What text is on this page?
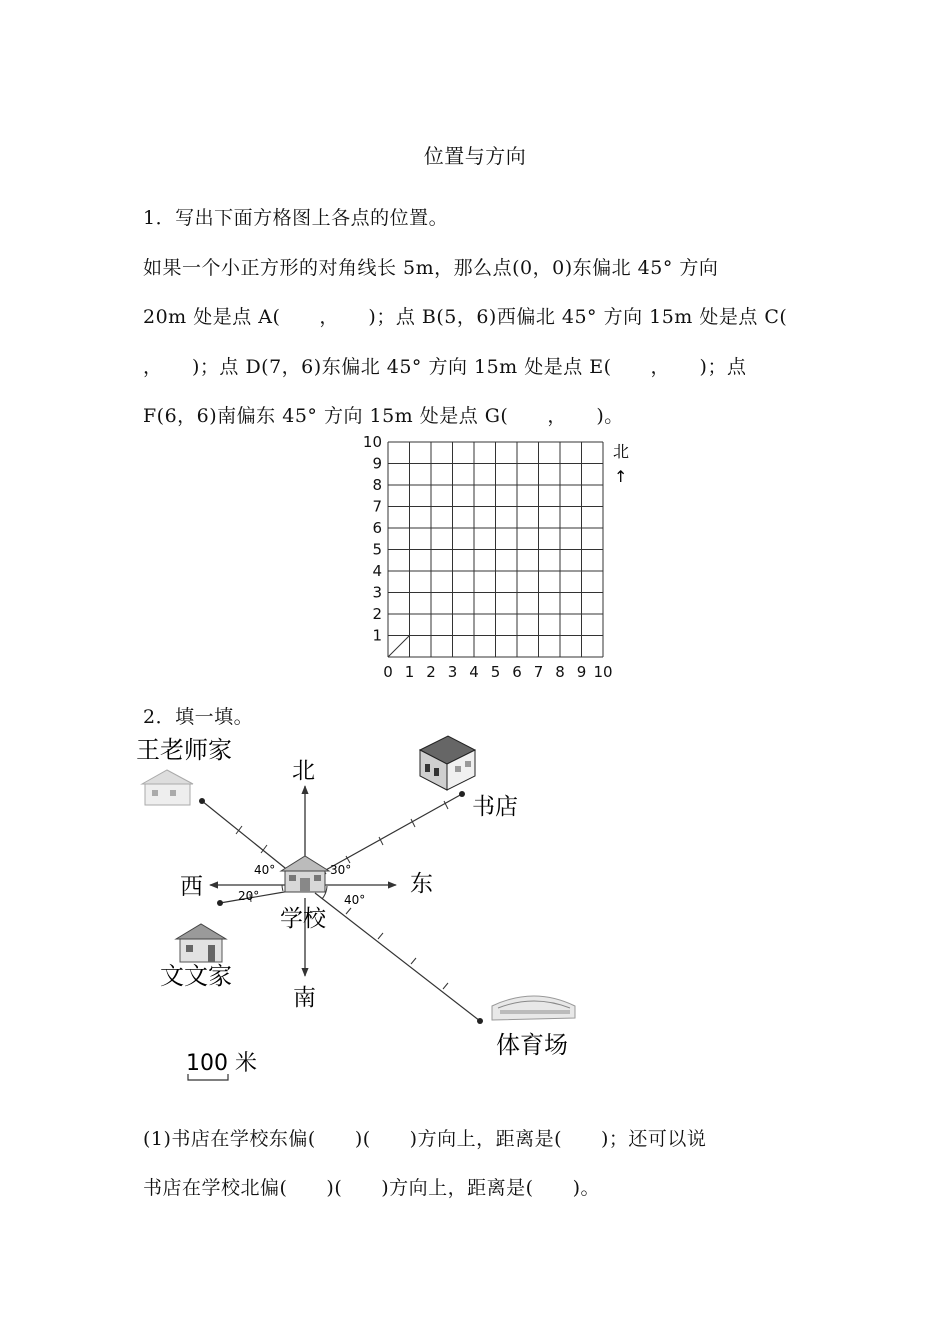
位置与方向
1．写出下面方格图上各点的位置。
如果一个小正方形的对角线长 5m，那么点(0，0)东偏北 45° 方向
20m 处是点 A(　　，　　)；点 B(5，6)西偏北 45° 方向 15m 处是点 C(
，　　)；点 D(7，6)东偏北 45° 方向 15m 处是点 E(　　，　　)；点
F(6，6)南偏东 45° 方向 15m 处是点 G(　　，　　)。
1
2
3
4
5
6
7
8
9
10
0 1 2 3 4 5 6 7 8 9 10
北
↑
2．填一填。
王老师家
北
书店
西	东
学校
文文家
南
体育场
40°	30°
20°	40°
100 米
(1)书店在学校东偏(　　)(　　)方向上，距离是(　　)；还可以说
书店在学校北偏(　　)(　　)方向上，距离是(　　)。
